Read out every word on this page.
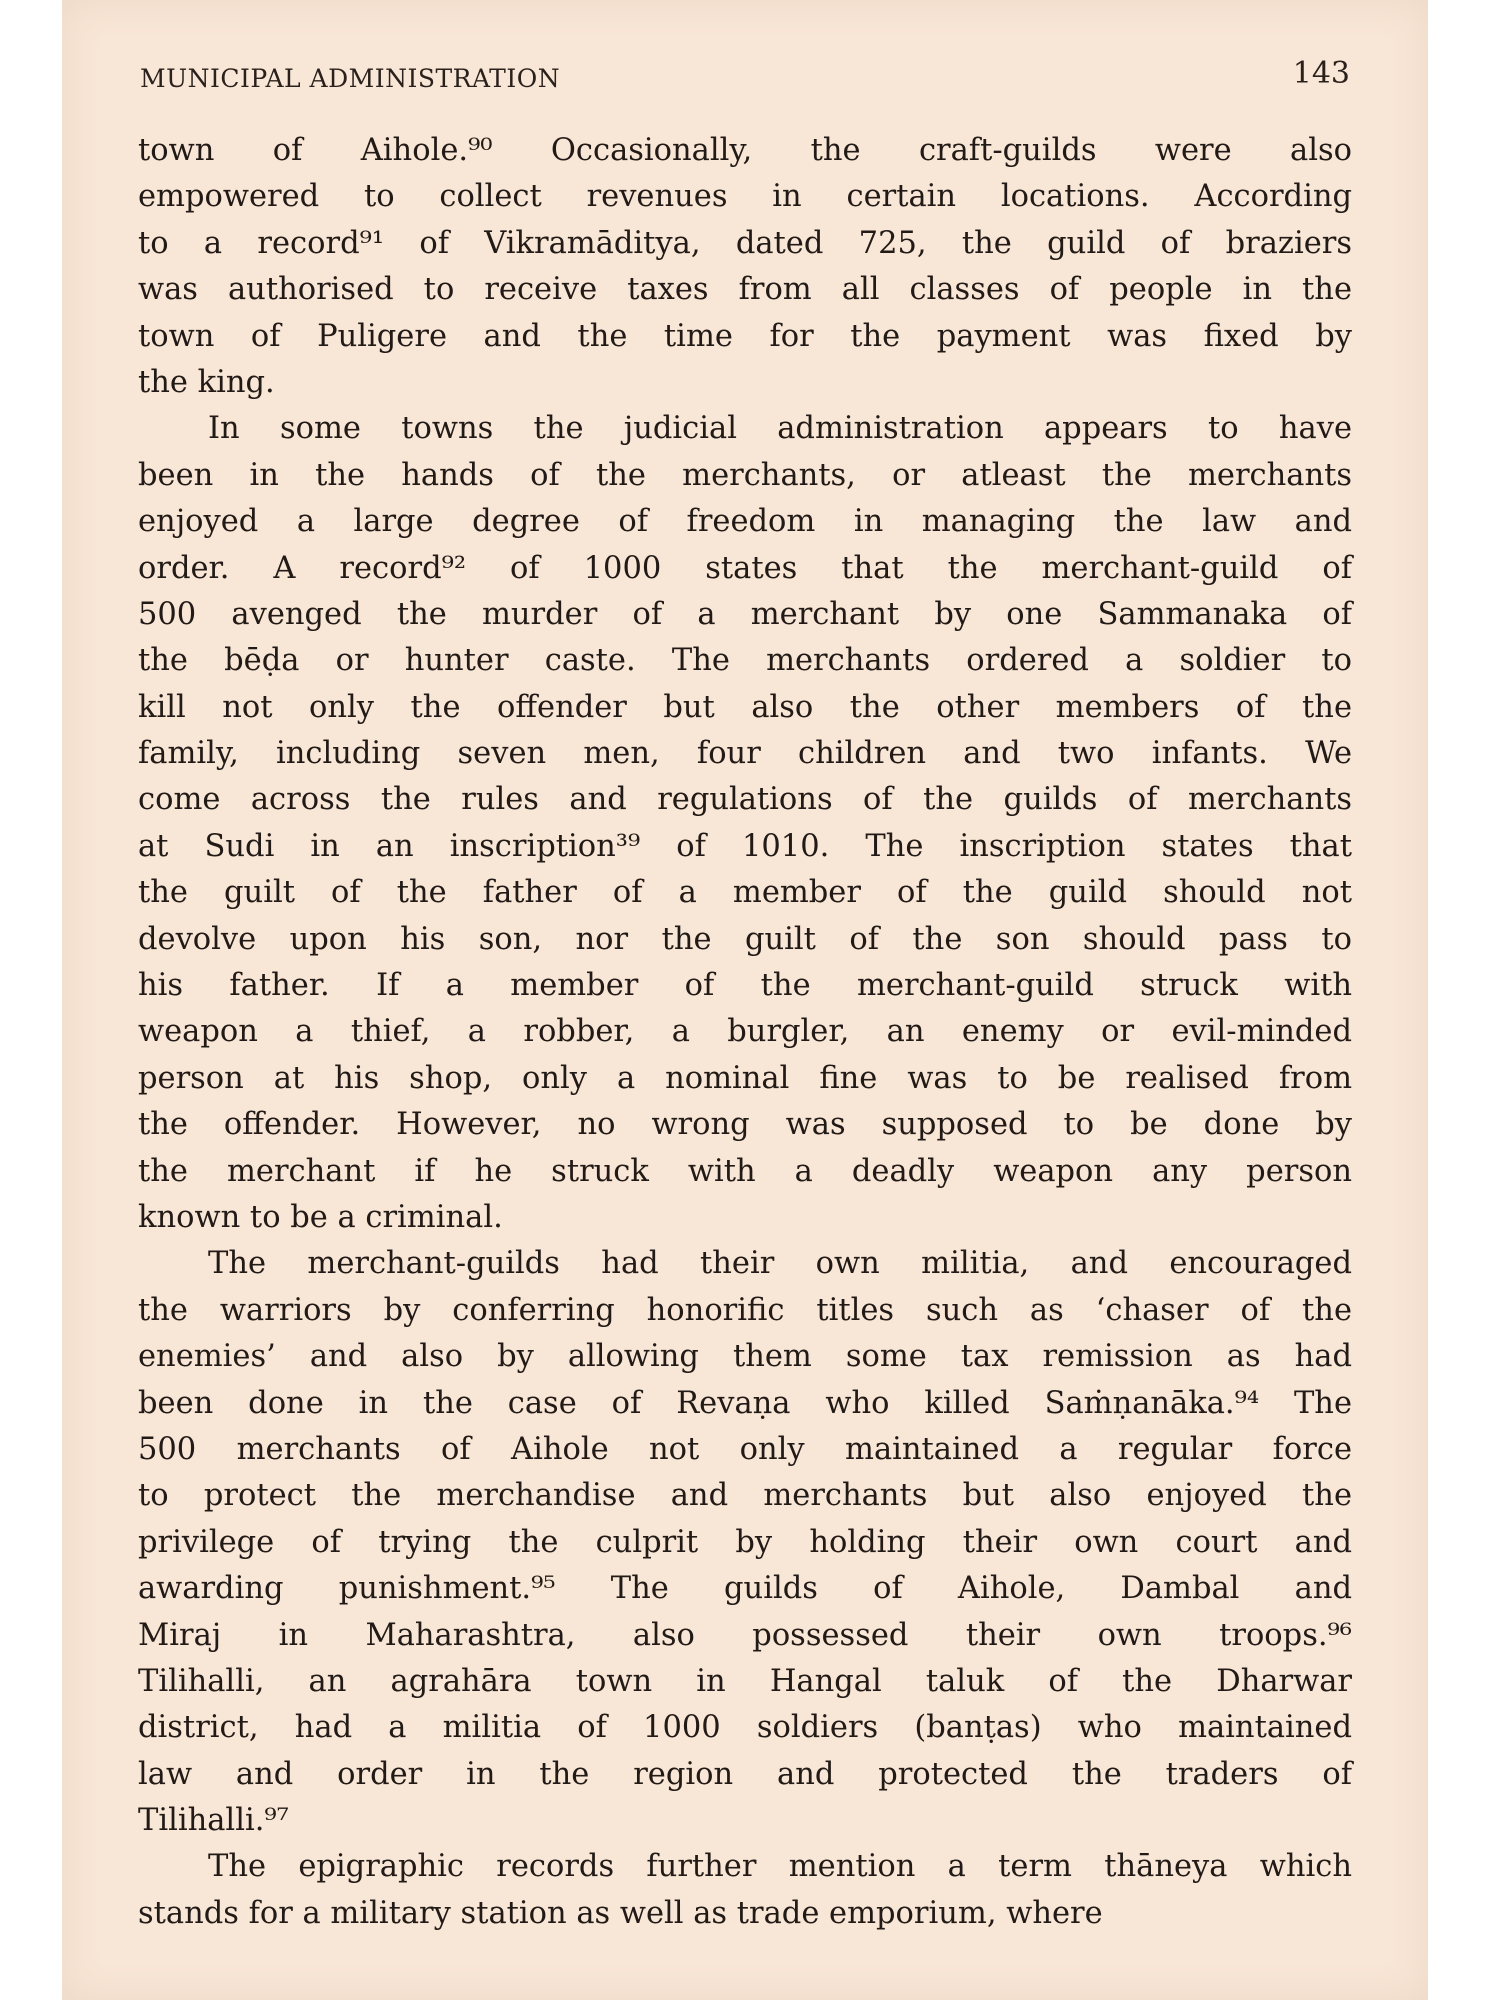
MUNICIPAL ADMINISTRATION	143
town of Aihole.⁹⁰ Occasionally, the craft-guilds were also
empowered to collect revenues in certain locations. According
to a record⁹¹ of Vikramāditya, dated 725, the guild of braziers
was authorised to receive taxes from all classes of people in the
town of Puligere and the time for the payment was fixed by
the king.
In some towns the judicial administration appears to have
been in the hands of the merchants, or atleast the merchants
enjoyed a large degree of freedom in managing the law and
order. A record⁹² of 1000 states that the merchant-guild of
500 avenged the murder of a merchant by one Sammanaka of
the bēḍa or hunter caste. The merchants ordered a soldier to
kill not only the offender but also the other members of the
family, including seven men, four children and two infants. We
come across the rules and regulations of the guilds of merchants
at Sudi in an inscription³⁹ of 1010. The inscription states that
the guilt of the father of a member of the guild should not
devolve upon his son, nor the guilt of the son should pass to
his father. If a member of the merchant-guild struck with
weapon a thief, a robber, a burgler, an enemy or evil-minded
person at his shop, only a nominal fine was to be realised from
the offender. However, no wrong was supposed to be done by
the merchant if he struck with a deadly weapon any person
known to be a criminal.
The merchant-guilds had their own militia, and encouraged
the warriors by conferring honorific titles such as ‘chaser of the
enemies’ and also by allowing them some tax remission as had
been done in the case of Revaṇa who killed Saṁṇanāka.⁹⁴ The
500 merchants of Aihole not only maintained a regular force
to protect the merchandise and merchants but also enjoyed the
privilege of trying the culprit by holding their own court and
awarding punishment.⁹⁵ The guilds of Aihole, Dambal and
Miraj in Maharashtra, also possessed their own troops.⁹⁶
Tilihalli, an agrahāra town in Hangal taluk of the Dharwar
district, had a militia of 1000 soldiers (banṭas) who maintained
law and order in the region and protected the traders of
Tilihalli.⁹⁷
The epigraphic records further mention a term thāneya which
stands for a military station as well as trade emporium, where
